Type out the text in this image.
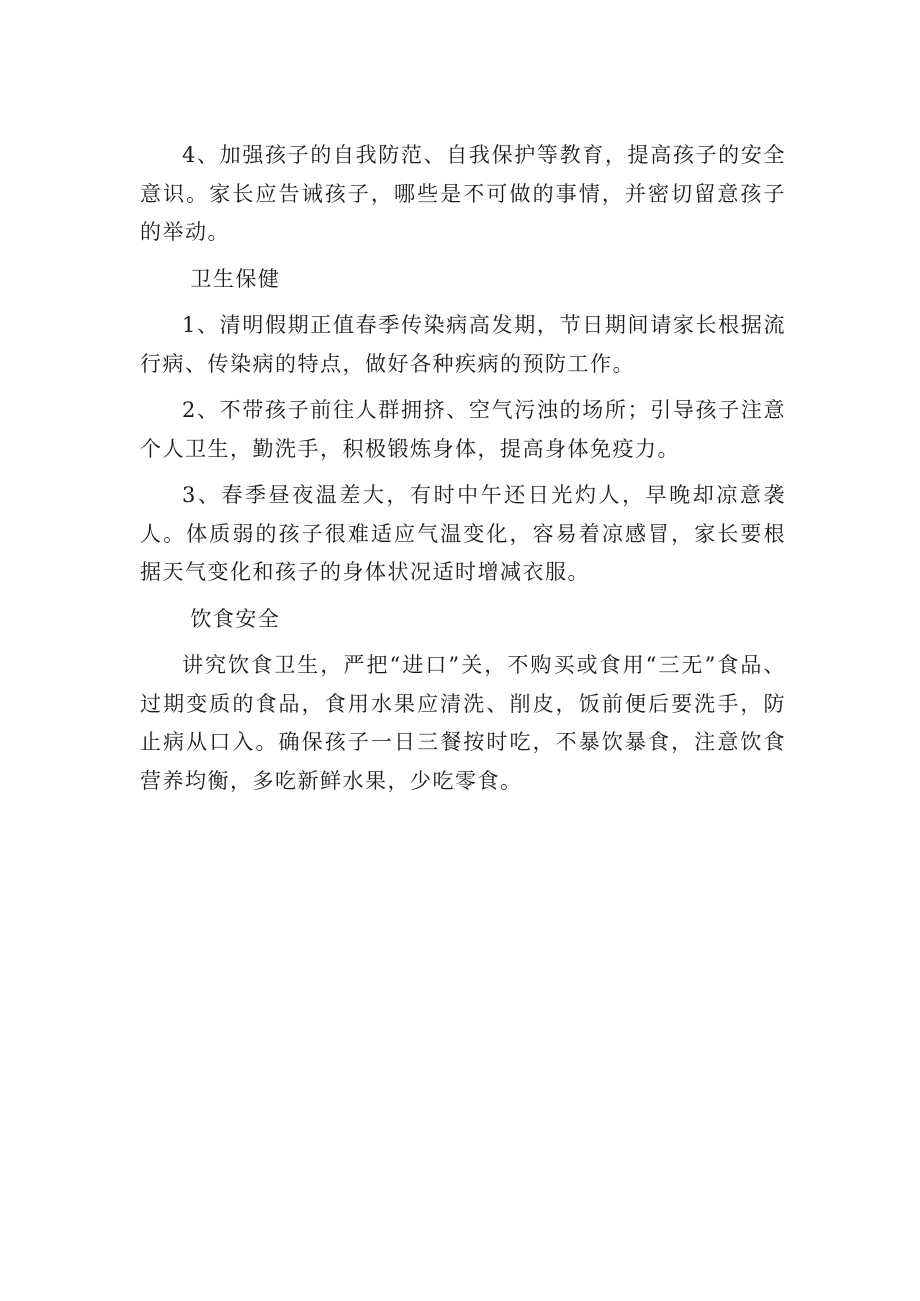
4、加强孩子的自我防范、自我保护等教育，提高孩子的安全意识。家长应告诫孩子，哪些是不可做的事情，并密切留意孩子的举动。

卫生保健

1、清明假期正值春季传染病高发期，节日期间请家长根据流行病、传染病的特点，做好各种疾病的预防工作。

2、不带孩子前往人群拥挤、空气污浊的场所；引导孩子注意个人卫生，勤洗手，积极锻炼身体，提高身体免疫力。

3、春季昼夜温差大，有时中午还日光灼人，早晚却凉意袭人。体质弱的孩子很难适应气温变化，容易着凉感冒，家长要根据天气变化和孩子的身体状况适时增减衣服。

饮食安全

讲究饮食卫生，严把“进口”关，不购买或食用“三无”食品、过期变质的食品，食用水果应清洗、削皮，饭前便后要洗手，防止病从口入。确保孩子一日三餐按时吃，不暴饮暴食，注意饮食营养均衡，多吃新鲜水果，少吃零食。
